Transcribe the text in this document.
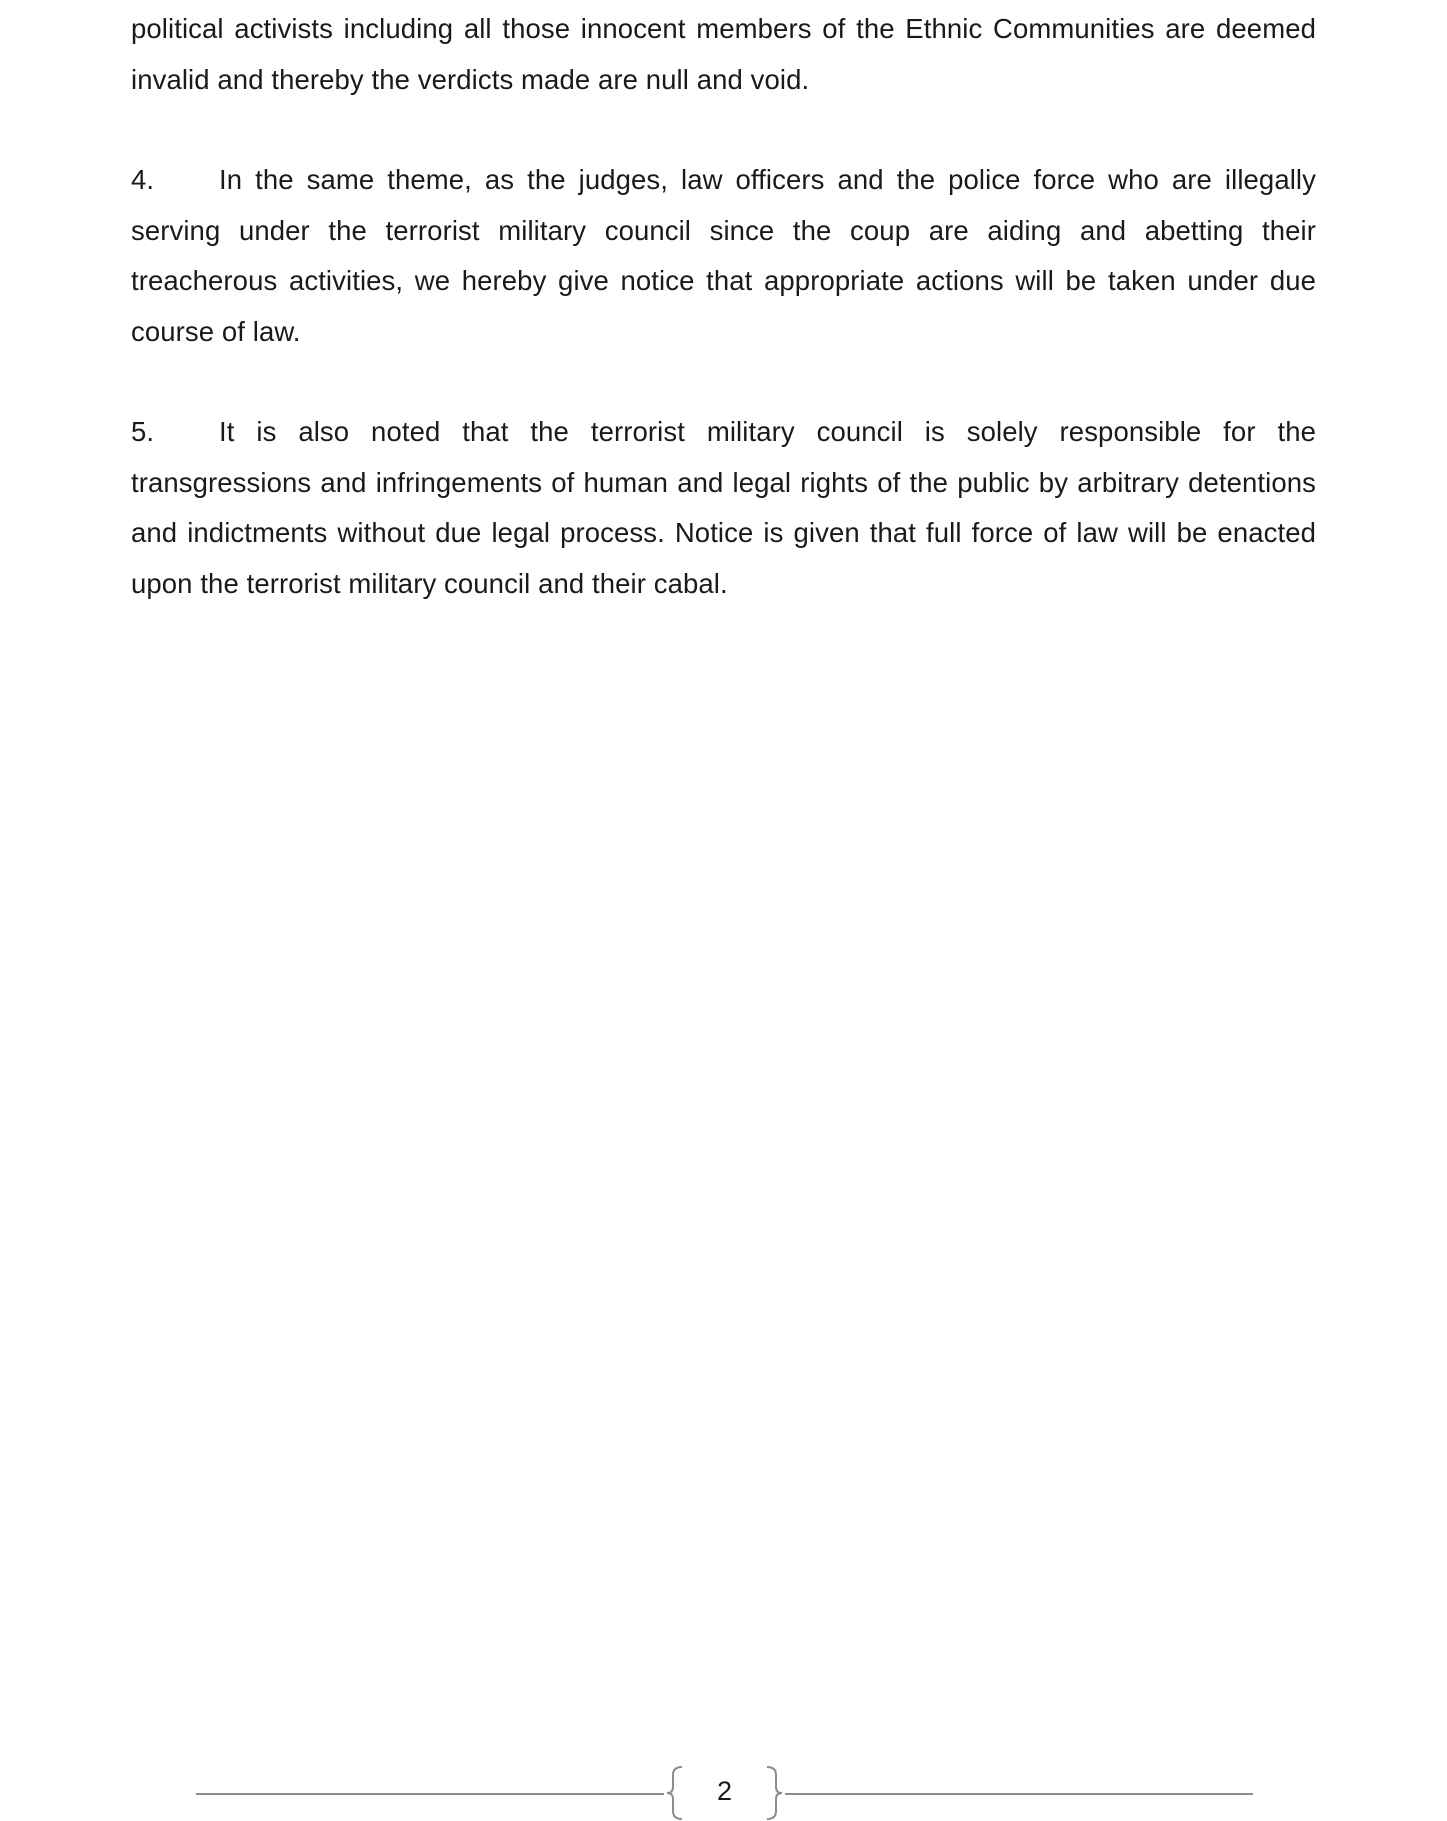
political activists including all those innocent members of the Ethnic Communities are deemed invalid and thereby the verdicts made are null and void.

4. In the same theme, as the judges, law officers and the police force who are illegally serving under the terrorist military council since the coup are aiding and abetting their treacherous activities, we hereby give notice that appropriate actions will be taken under due course of law.

5. It is also noted that the terrorist military council is solely responsible for the transgressions and infringements of human and legal rights of the public by arbitrary detentions and indictments without due legal process. Notice is given that full force of law will be enacted upon the terrorist military council and their cabal.

2
